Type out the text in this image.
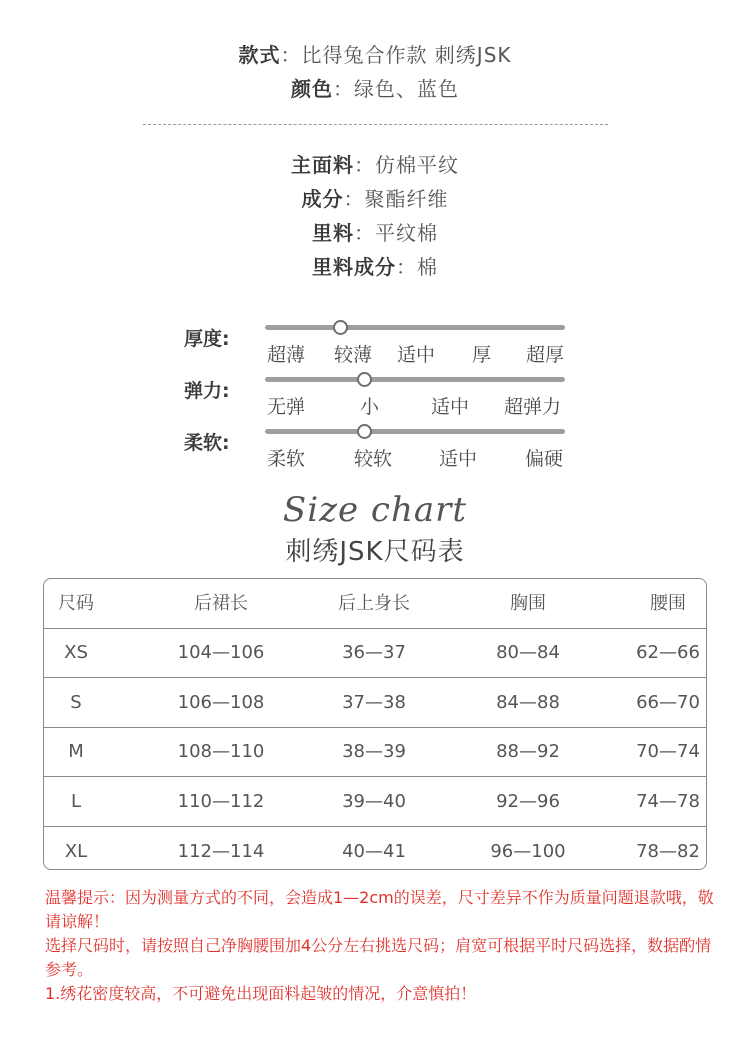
款式：比得兔合作款 刺绣JSK
颜色：绿色、蓝色
主面料：仿棉平纹
成分：聚酯纤维
里料：平纹棉
里料成分：棉
厚度:
超薄 较薄 适中 厚 超厚
弹力:
无弹	小	适中 超弹力
柔软:
柔软	较软 适中	偏硬
Size chart
刺绣JSK尺码表
尺码	后裙长	后上身长	胸围	腰围
XS	104—106	36—37	80—84	62—66
S	106—108	37—38	84—88	66—70
M	108—110	38—39	88—92	70—74
L	110—112	39—40	92—96	74—78
XL	112—114	40—41	96—100	78—82

温馨提示：因为测量方式的不同，会造成1—2cm的误差，尺寸差异不作为质量问题退款哦，敬请谅解！

选择尺码时，请按照自己净胸腰围加4公分左右挑选尺码；肩宽可根据平时尺码选择，数据酌情参考。

1.绣花密度较高，不可避免出现面料起皱的情况，介意慎拍！
